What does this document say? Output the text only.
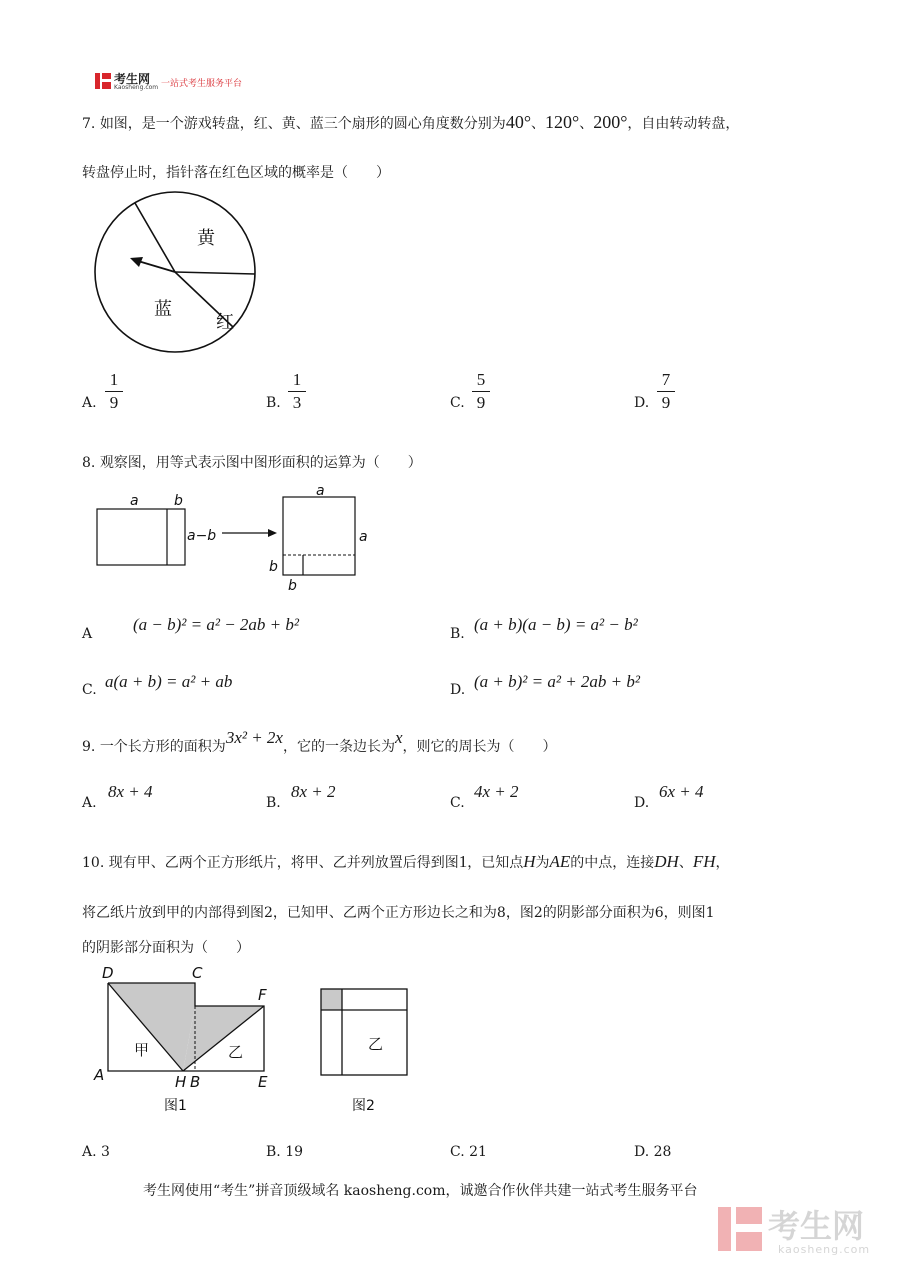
考生网
Kaosheng.com 一站式考生服务平台
7. 如图，是一个游戏转盘，红、黄、蓝三个扇形的圆心角度数分别为40°、120°、200°，自由转动转盘，
转盘停止时，指针落在红色区域的概率是（　　）
黄
红
蓝
A.
1
9	B.
1
3	C.
5
9	D.
7
9
8. 观察图，用等式表示图中图形面积的运算为（　　）
a	b
a−b
a
a
b
b
A (a − b)² = a² − 2ab + b²	B. (a + b)(a − b) = a² − b²
C. a(a + b) = a² + ab	D. (a + b)² = a² + 2ab + b²
9. 一个长方形的面积为3x² + 2x，它的一条边长为x，则它的周长为（　　）
A.
8x + 4
B.
8x + 2
C.
4x + 2
D.
6x + 4
10. 现有甲、乙两个正方形纸片，将甲、乙并列放置后得到图1，已知点H为AE的中点，连接DH、FH，
将乙纸片放到甲的内部得到图2，已知甲、乙两个正方形边长之和为8，图2的阴影部分面积为6，则图1
的阴影部分面积为（　　）
D	C
F
A	H B	E
甲	乙
图1
乙
图2
A. 3	B. 19	C. 21	D. 28
考生网使用“考生”拼音顶级域名 kaosheng.com，诚邀合作伙伴共建一站式考生服务平台
考生网
kaosheng.com
